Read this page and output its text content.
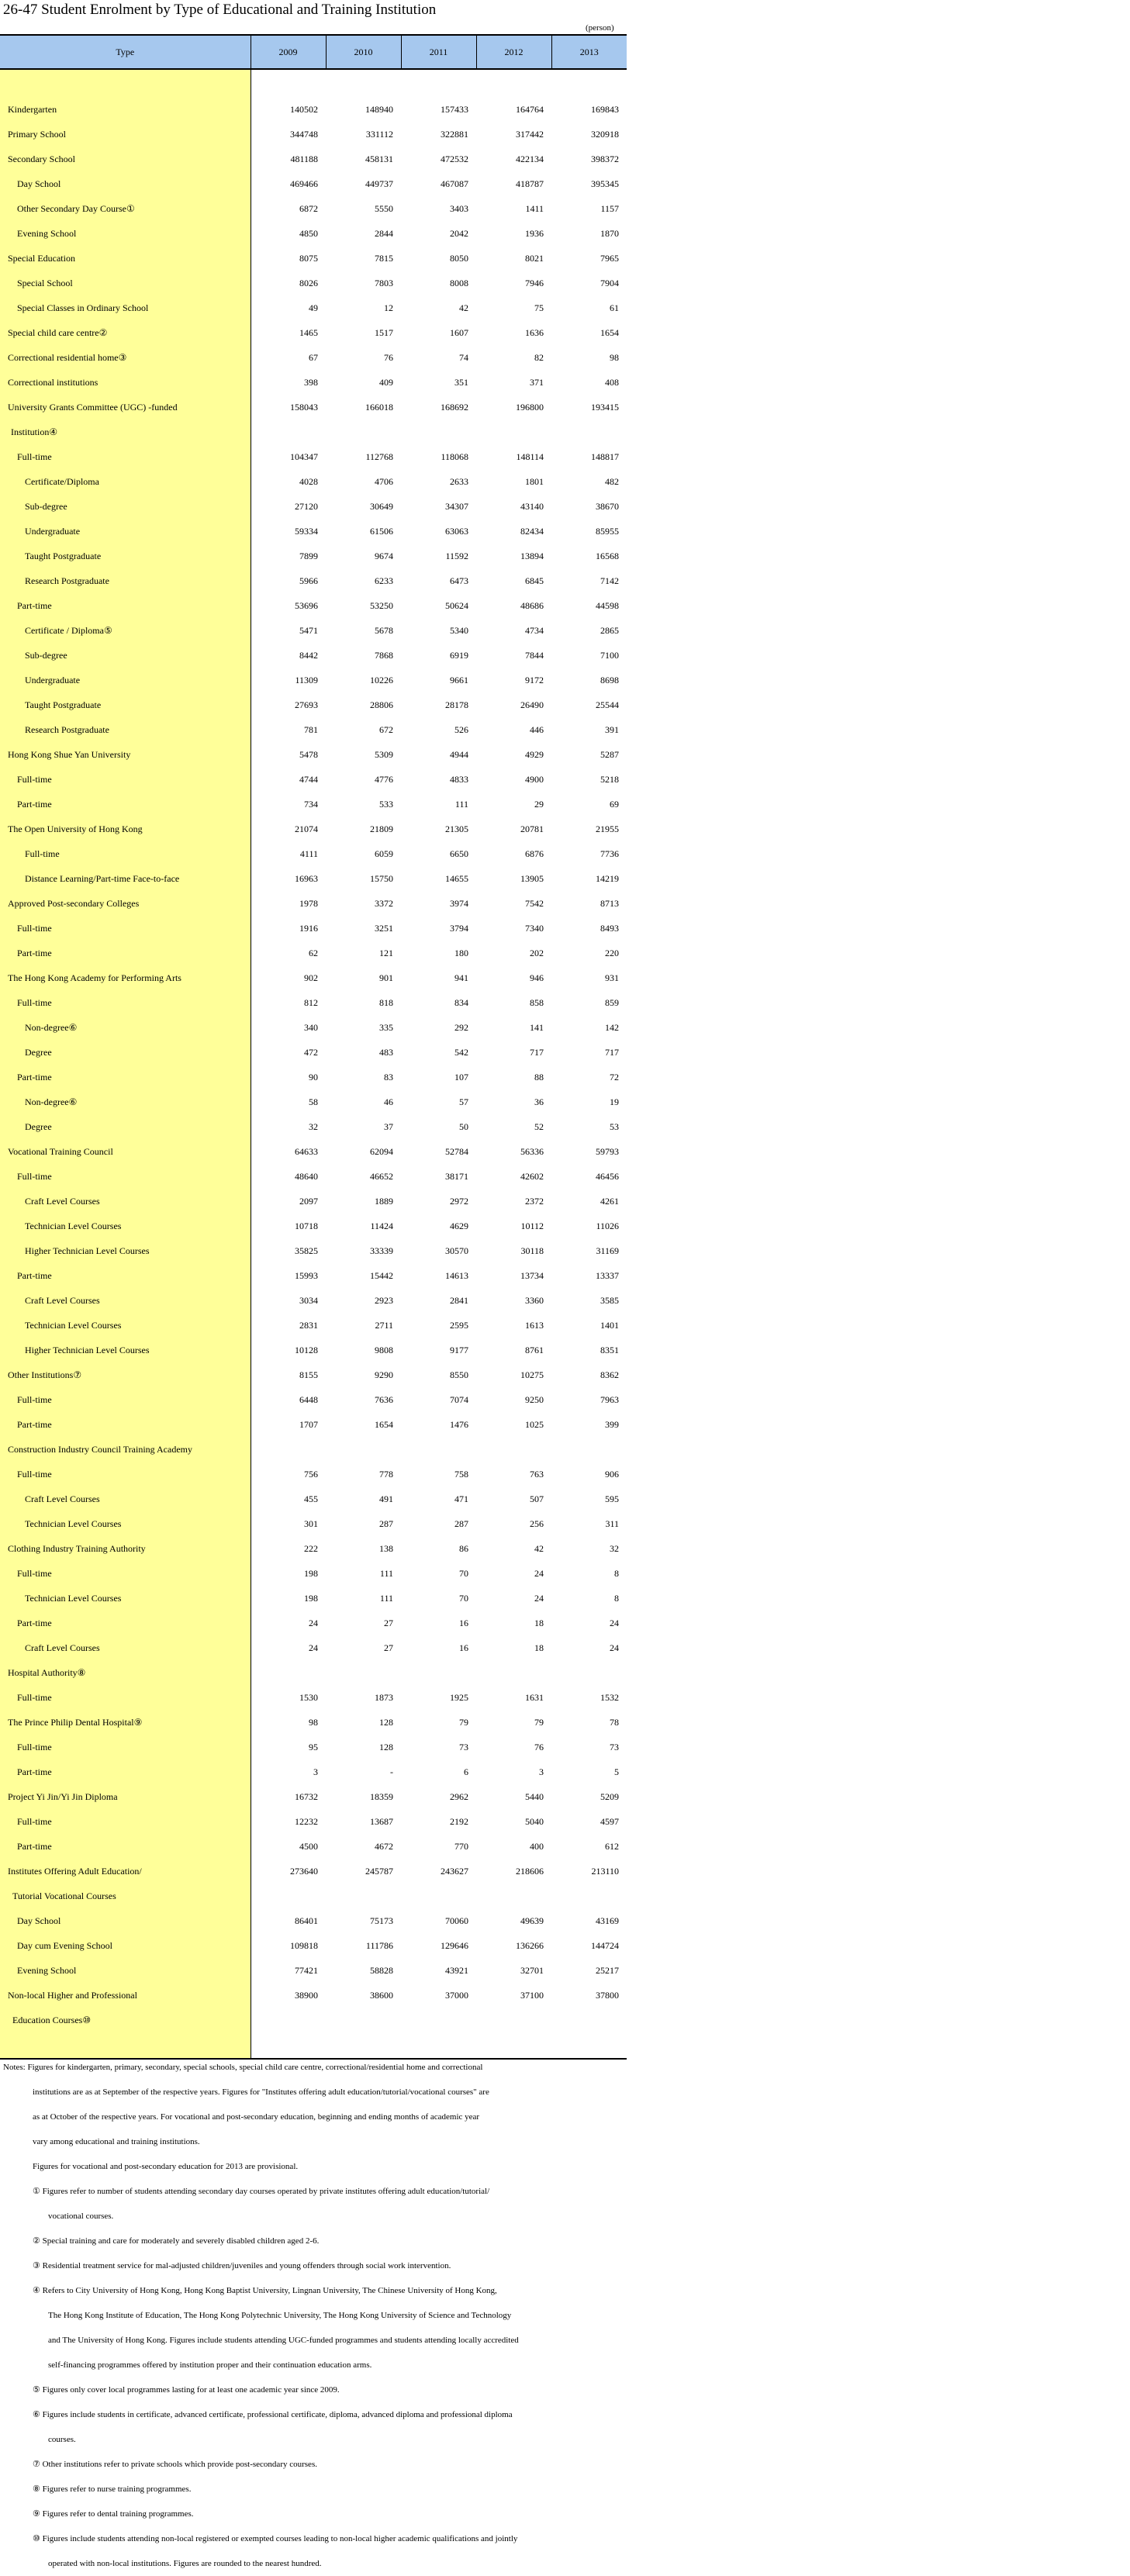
26-47 Student Enrolment by Type of Educational and Training Institution
(person)
Type	2009	2010	2011	2012	2013

Kindergarten	140502	148940	157433	164764	169843
Primary School	344748	331112	322881	317442	320918
Secondary School	481188	458131	472532	422134	398372
Day School	469466	449737	467087	418787	395345
Other Secondary Day Course①	6872	5550	3403	1411	1157
Evening School	4850	2844	2042	1936	1870
Special Education	8075	7815	8050	8021	7965
Special School	8026	7803	8008	7946	7904
Special Classes in Ordinary School	49	12	42	75	61
Special child care centre②	1465	1517	1607	1636	1654
Correctional residential home③	67	76	74	82	98
Correctional institutions	398	409	351	371	408
University Grants Committee (UGC) -funded	158043	166018	168692	196800	193415
Institution④					
Full-time	104347	112768	118068	148114	148817
Certificate/Diploma	4028	4706	2633	1801	482
Sub-degree	27120	30649	34307	43140	38670
Undergraduate	59334	61506	63063	82434	85955
Taught Postgraduate	7899	9674	11592	13894	16568
Research Postgraduate	5966	6233	6473	6845	7142
Part-time	53696	53250	50624	48686	44598
Certificate / Diploma⑤	5471	5678	5340	4734	2865
Sub-degree	8442	7868	6919	7844	7100
Undergraduate	11309	10226	9661	9172	8698
Taught Postgraduate	27693	28806	28178	26490	25544
Research Postgraduate	781	672	526	446	391
Hong Kong Shue Yan University	5478	5309	4944	4929	5287
Full-time	4744	4776	4833	4900	5218
Part-time	734	533	111	29	69
The Open University of Hong Kong	21074	21809	21305	20781	21955
Full-time	4111	6059	6650	6876	7736
Distance Learning/Part-time Face-to-face	16963	15750	14655	13905	14219
Approved Post-secondary Colleges	1978	3372	3974	7542	8713
Full-time	1916	3251	3794	7340	8493
Part-time	62	121	180	202	220
The Hong Kong Academy for Performing Arts	902	901	941	946	931
Full-time	812	818	834	858	859
Non-degree⑥	340	335	292	141	142
Degree	472	483	542	717	717
Part-time	90	83	107	88	72
Non-degree⑥	58	46	57	36	19
Degree	32	37	50	52	53
Vocational Training Council	64633	62094	52784	56336	59793
Full-time	48640	46652	38171	42602	46456
Craft Level Courses	2097	1889	2972	2372	4261
Technician Level Courses	10718	11424	4629	10112	11026
Higher Technician Level Courses	35825	33339	30570	30118	31169
Part-time	15993	15442	14613	13734	13337
Craft Level Courses	3034	2923	2841	3360	3585
Technician Level Courses	2831	2711	2595	1613	1401
Higher Technician Level Courses	10128	9808	9177	8761	8351
Other Institutions⑦	8155	9290	8550	10275	8362
Full-time	6448	7636	7074	9250	7963
Part-time	1707	1654	1476	1025	399
Construction Industry Council Training Academy					
Full-time	756	778	758	763	906
Craft Level Courses	455	491	471	507	595
Technician Level Courses	301	287	287	256	311
Clothing Industry Training Authority	222	138	86	42	32
Full-time	198	111	70	24	8
Technician Level Courses	198	111	70	24	8
Part-time	24	27	16	18	24
Craft Level Courses	24	27	16	18	24
Hospital Authority⑧					
Full-time	1530	1873	1925	1631	1532
The Prince Philip Dental Hospital⑨	98	128	79	79	78
Full-time	95	128	73	76	73
Part-time	3	-	6	3	5
Project Yi Jin/Yi Jin Diploma	16732	18359	2962	5440	5209
Full-time	12232	13687	2192	5040	4597
Part-time	4500	4672	770	400	612
Institutes Offering Adult Education/	273640	245787	243627	218606	213110
Tutorial Vocational Courses					
Day School	86401	75173	70060	49639	43169
Day cum Evening School	109818	111786	129646	136266	144724
Evening School	77421	58828	43921	32701	25217
Non-local Higher and Professional	38900	38600	37000	37100	37800
Education Courses⑩					

Notes: Figures for kindergarten, primary, secondary, special schools, special child care centre, correctional/residential home and correctional
institutions are as at September of the respective years. Figures for "Institutes offering adult education/tutorial/vocational courses" are
as at October of the respective years. For vocational and post-secondary education, beginning and ending months of academic year
vary among educational and training institutions.
Figures for vocational and post-secondary education for 2013 are provisional.
① Figures refer to number of students attending secondary day courses operated by private institutes offering adult education/tutorial/
vocational courses.
② Special training and care for moderately and severely disabled children aged 2-6.
③ Residential treatment service for mal-adjusted children/juveniles and young offenders through social work intervention.
④ Refers to City University of Hong Kong, Hong Kong Baptist University, Lingnan University, The Chinese University of Hong Kong,
The Hong Kong Institute of Education, The Hong Kong Polytechnic University, The Hong Kong University of Science and Technology
and The University of Hong Kong. Figures include students attending UGC-funded programmes and students attending locally accredited
self-financing programmes offered by institution proper and their continuation education arms.
⑤ Figures only cover local programmes lasting for at least one academic year since 2009.
⑥ Figures include students in certificate, advanced certificate, professional certificate, diploma, advanced diploma and professional diploma
courses.
⑦ Other institutions refer to private schools which provide post-secondary courses.
⑧ Figures refer to nurse training programmes.
⑨ Figures refer to dental training programmes.
⑩ Figures include students attending non-local registered or exempted courses leading to non-local higher academic qualifications and jointly
operated with non-local institutions. Figures are rounded to the nearest hundred.
